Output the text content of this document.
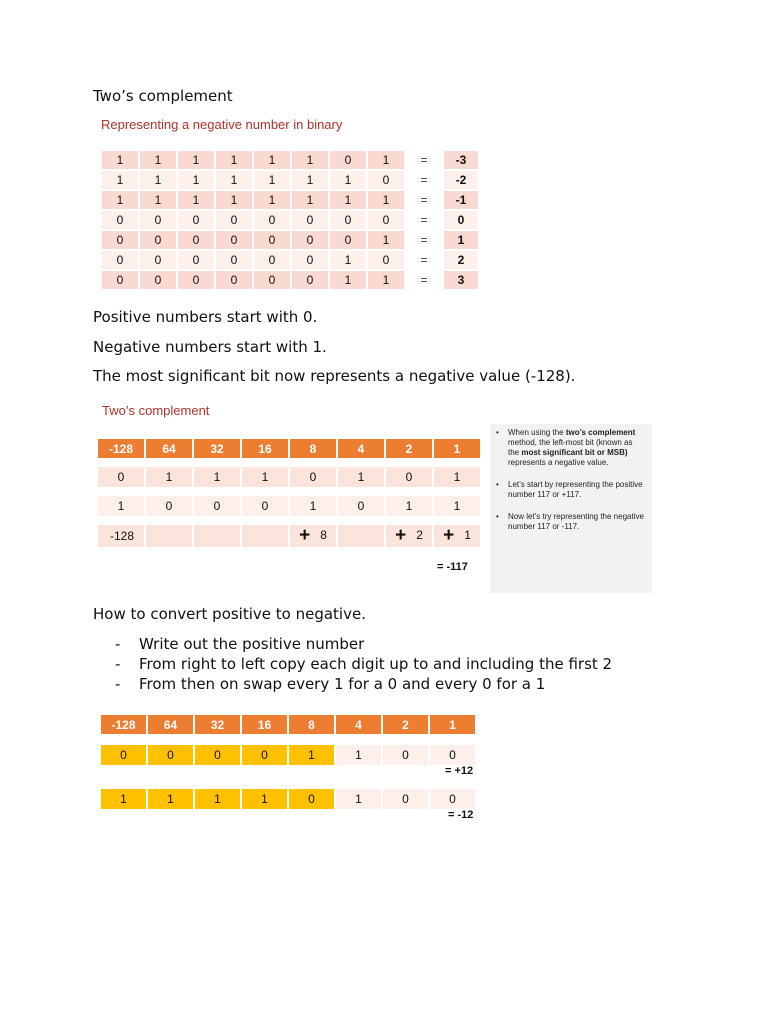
Two’s complement
Representing a negative number in binary
1	1	1	1	1	1	0	1	=	-3
1	1	1	1	1	1	1	0	=	-2
1	1	1	1	1	1	1	1	=	-1
0	0	0	0	0	0	0	0	=	0
0	0	0	0	0	0	0	1	=	1
0	0	0	0	0	0	1	0	=	2
0	0	0	0	0	0	1	1	=	3
Positive numbers start with 0.
Negative numbers start with 1.
The most significant bit now represents a negative value (-128).
Two’s complement
-128	64	32	16	8	4	2	1

0	1	1	1	0	1	0	1

1	0	0	0	1	0	1	1

-128				+ 8		+ 2	+ 1
= -117
• When using the two’s complement method, the left-most bit (known as the most significant bit or MSB) represents a negative value.
• Let’s start by representing the positive number 117 or +117.
• Now let’s try representing the negative number 117 or -117.
How to convert positive to negative.
- Write out the positive number
- From right to left copy each digit up to and including the first 2
- From then on swap every 1 for a 0 and every 0 for a 1
-128	64	32	16	8	4	2	1

0	0	0	0	1	1	0	0
= +12
1	1	1	1	0	1	0	0
= -12
